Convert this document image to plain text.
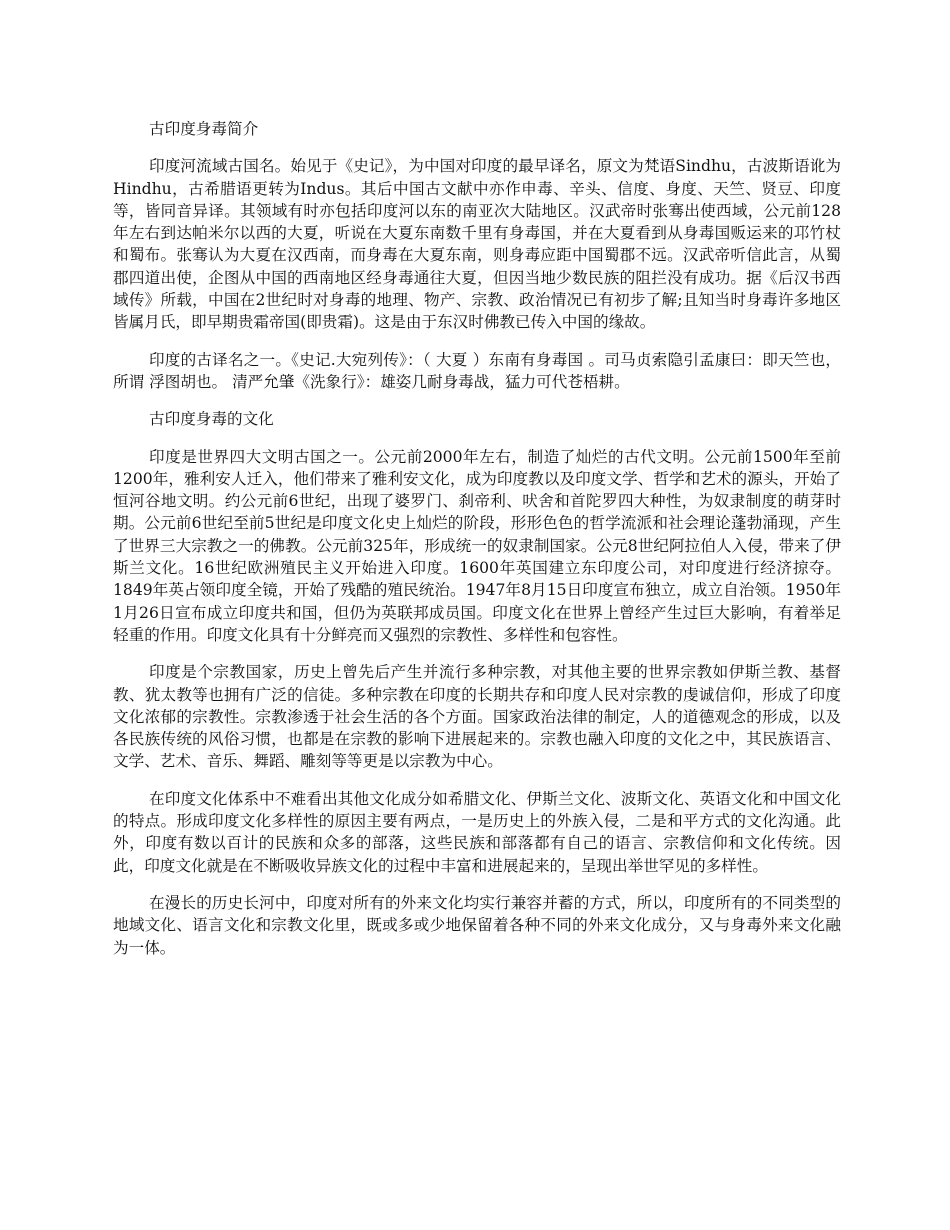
古印度身毒简介
印度河流域古国名。始见于《史记》，为中国对印度的最早译名，原文为梵语Sindhu，古波斯语讹为Hindhu，古希腊语更转为Indus。其后中国古文献中亦作申毒、辛头、信度、身度、天竺、贤豆、印度等，皆同音异译。其领域有时亦包括印度河以东的南亚次大陆地区。汉武帝时张骞出使西域，公元前128年左右到达帕米尔以西的大夏，听说在大夏东南数千里有身毒国，并在大夏看到从身毒国贩运来的邛竹杖和蜀布。张骞认为大夏在汉西南，而身毒在大夏东南，则身毒应距中国蜀郡不远。汉武帝听信此言，从蜀郡四道出使，企图从中国的西南地区经身毒通往大夏，但因当地少数民族的阻拦没有成功。据《后汉书西域传》所载，中国在2世纪时对身毒的地理、物产、宗教、政治情况已有初步了解;且知当时身毒许多地区皆属月氏，即早期贵霜帝国(即贵霜)。这是由于东汉时佛教已传入中国的缘故。
印度的古译名之一。《史记.大宛列传》：（ 大夏 ）东南有身毒国 。司马贞索隐引孟康曰：即天竺也，所谓 浮图胡也。 清严允肇《洗象行》：雄姿几耐身毒战，猛力可代苍梧耕。
古印度身毒的文化
印度是世界四大文明古国之一。公元前2000年左右，制造了灿烂的古代文明。公元前1500年至前1200年，雅利安人迁入，他们带来了雅利安文化，成为印度教以及印度文学、哲学和艺术的源头，开始了恒河谷地文明。约公元前6世纪，出现了婆罗门、刹帝利、吠舍和首陀罗四大种性，为奴隶制度的萌芽时期。公元前6世纪至前5世纪是印度文化史上灿烂的阶段，形形色色的哲学流派和社会理论蓬勃涌现，产生了世界三大宗教之一的佛教。公元前325年，形成统一的奴隶制国家。公元8世纪阿拉伯人入侵，带来了伊斯兰文化。16世纪欧洲殖民主义开始进入印度。1600年英国建立东印度公司，对印度进行经济掠夺。1849年英占领印度全镜，开始了残酷的殖民统治。1947年8月15日印度宣布独立，成立自治领。1950年1月26日宣布成立印度共和国，但仍为英联邦成员国。印度文化在世界上曾经产生过巨大影响，有着举足轻重的作用。印度文化具有十分鲜亮而又强烈的宗教性、多样性和包容性。
印度是个宗教国家，历史上曾先后产生并流行多种宗教，对其他主要的世界宗教如伊斯兰教、基督教、犹太教等也拥有广泛的信徒。多种宗教在印度的长期共存和印度人民对宗教的虔诚信仰，形成了印度文化浓郁的宗教性。宗教渗透于社会生活的各个方面。国家政治法律的制定，人的道德观念的形成，以及各民族传统的风俗习惯，也都是在宗教的影响下进展起来的。宗教也融入印度的文化之中，其民族语言、文学、艺术、音乐、舞蹈、雕刻等等更是以宗教为中心。
在印度文化体系中不难看出其他文化成分如希腊文化、伊斯兰文化、波斯文化、英语文化和中国文化的特点。形成印度文化多样性的原因主要有两点，一是历史上的外族入侵，二是和平方式的文化沟通。此外，印度有数以百计的民族和众多的部落，这些民族和部落都有自己的语言、宗教信仰和文化传统。因此，印度文化就是在不断吸收异族文化的过程中丰富和进展起来的，呈现出举世罕见的多样性。
在漫长的历史长河中，印度对所有的外来文化均实行兼容并蓄的方式，所以，印度所有的不同类型的地域文化、语言文化和宗教文化里，既或多或少地保留着各种不同的外来文化成分，又与身毒外来文化融为一体。
